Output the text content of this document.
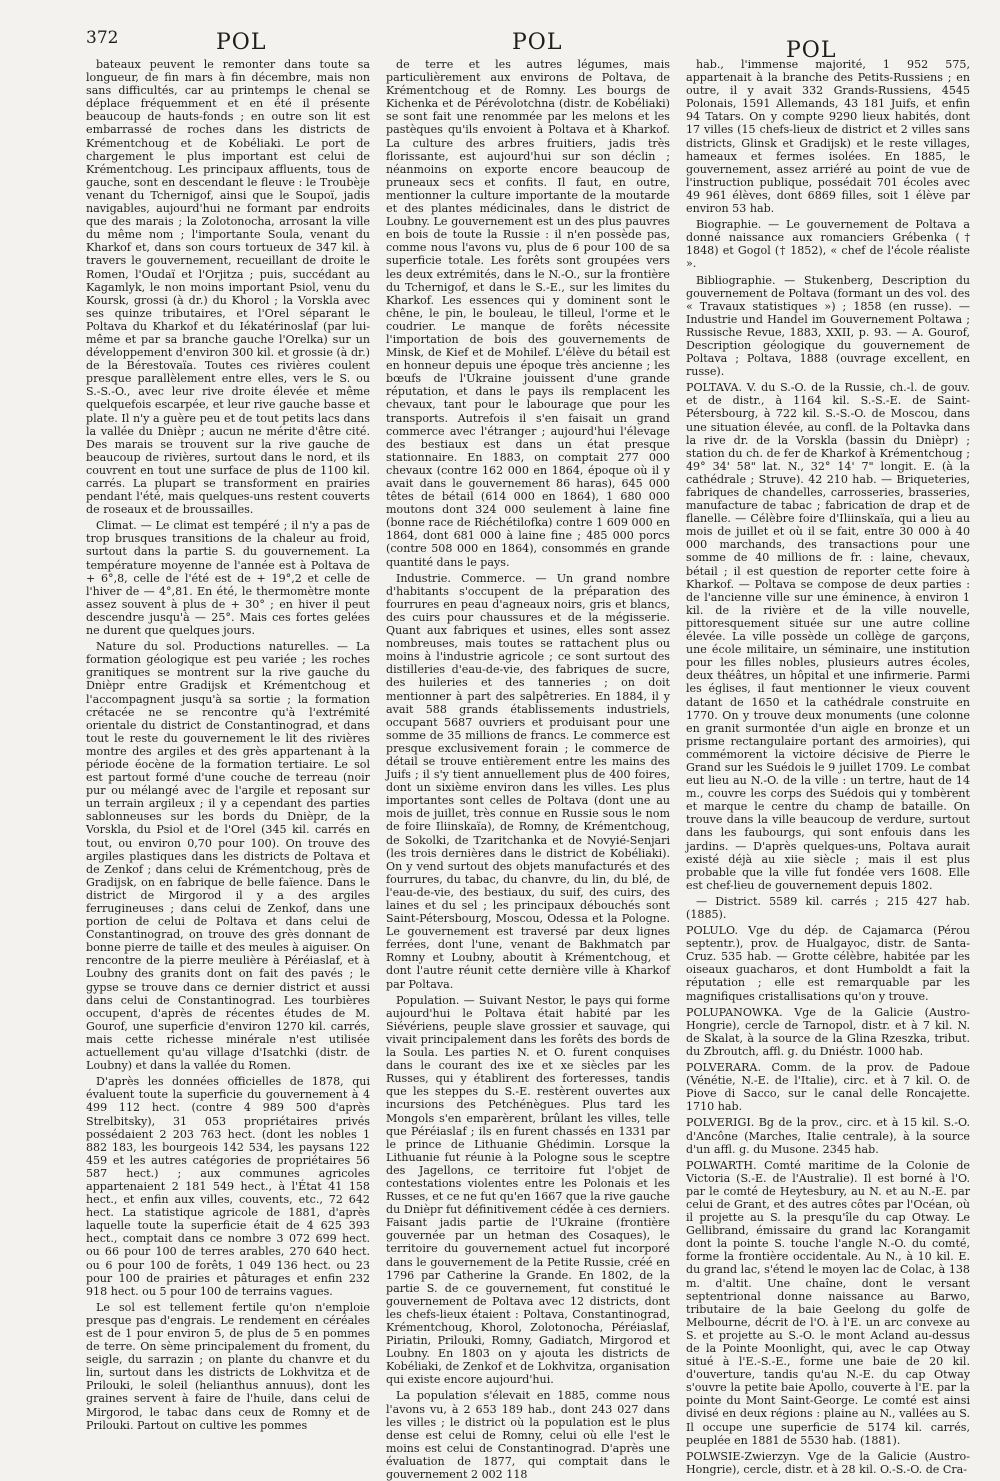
372	POL	POL	POL

bateaux peuvent le remonter dans toute sa longueur, de fin mars à fin décembre, mais non sans difficultés, car au printemps le chenal se déplace fréquemment et en été il présente beaucoup de hauts-fonds ; en outre son lit est embarrassé de roches dans les districts de Krémentchoug et de Kobéliaki. Le port de chargement le plus important est celui de Krémentchoug. Les principaux affluents, tous de gauche, sont en descendant le fleuve : le Troubèje venant du Tchernigof, ainsi que le Soupoï, jadis navigables, aujourd'hui ne formant par endroits que des marais ; la Zolotonocha, arrosant la ville du même nom ; l'importante Soula, venant du Kharkof et, dans son cours tortueux de 347 kil. à travers le gouvernement, recueillant de droite le Romen, l'Oudaï et l'Orjitza ; puis, succédant au Kagamlyk, le non moins important Psiol, venu du Koursk, grossi (à dr.) du Khorol ; la Vorskla avec ses quinze tributaires, et l'Orel séparant le Poltava du Kharkof et du Iékatérinoslaf (par lui-même et par sa branche gauche l'Orelka) sur un développement d'environ 300 kil. et grossie (à dr.) de la Bérestovaïa. Toutes ces rivières coulent presque parallèlement entre elles, vers le S. ou S.-S.-O., avec leur rive droite élevée et même quelquefois escarpée, et leur rive gauche basse et plate. Il n'y a guère peu et de tout petits lacs dans la vallée du Dnièpr ; aucun ne mérite d'être cité. Des marais se trouvent sur la rive gauche de beaucoup de rivières, surtout dans le nord, et ils couvrent en tout une surface de plus de 1100 kil. carrés. La plupart se transforment en prairies pendant l'été, mais quelques-uns restent couverts de roseaux et de broussailles.

Climat. — Le climat est tempéré ; il n'y a pas de trop brusques transitions de la chaleur au froid, surtout dans la partie S. du gouvernement. La température moyenne de l'année est à Poltava de + 6°,8, celle de l'été est de + 19°,2 et celle de l'hiver de — 4°,81. En été, le thermomètre monte assez souvent à plus de + 30° ; en hiver il peut descendre jusqu'à — 25°. Mais ces fortes gelées ne durent que quelques jours.

Nature du sol. Productions naturelles. — La formation géologique est peu variée ; les roches granitiques se montrent sur la rive gauche du Dnièpr entre Gradijsk et Krémentchoug et l'accompagnent jusqu'à sa sortie ; la formation crétacée ne se rencontre qu'à l'extrémité orientale du district de Constantinograd, et dans tout le reste du gouvernement le lit des rivières montre des argiles et des grès appartenant à la période éocène de la formation tertiaire. Le sol est partout formé d'une couche de terreau (noir pur ou mélangé avec de l'argile et reposant sur un terrain argileux ; il y a cependant des parties sablonneuses sur les bords du Dnièpr, de la Vorskla, du Psiol et de l'Orel (345 kil. carrés en tout, ou environ 0,70 pour 100). On trouve des argiles plastiques dans les districts de Poltava et de Zenkof ; dans celui de Krémentchoug, près de Gradijsk, on en fabrique de belle faïence. Dans le district de Mirgorod il y a des argiles ferrugineuses ; dans celui de Zenkof, dans une portion de celui de Poltava et dans celui de Constantinograd, on trouve des grès donnant de bonne pierre de taille et des meules à aiguiser. On rencontre de la pierre meulière à Péréiaslaf, et à Loubny des granits dont on fait des pavés ; le gypse se trouve dans ce dernier district et aussi dans celui de Constantinograd. Les tourbières occupent, d'après de récentes études de M. Gourof, une superficie d'environ 1270 kil. carrés, mais cette richesse minérale n'est utilisée actuellement qu'au village d'Isatchki (distr. de Loubny) et dans la vallée du Romen.

D'après les données officielles de 1878, qui évaluent toute la superficie du gouvernement à 4 499 112 hect. (contre 4 989 500 d'après Strelbitsky), 31 053 propriétaires privés possédaient 2 203 763 hect. (dont les nobles 1 882 183, les bourgeois 142 534, les paysans 122 459 et les autres catégories de propriétaires 56 587 hect.) ; aux communes agricoles appartenaient 2 181 549 hect., à l'État 41 158 hect., et enfin aux villes, couvents, etc., 72 642 hect. La statistique agricole de 1881, d'après laquelle toute la superficie était de 4 625 393 hect., comptait dans ce nombre 3 072 699 hect. ou 66 pour 100 de terres arables, 270 640 hect. ou 6 pour 100 de forêts, 1 049 136 hect. ou 23 pour 100 de prairies et pâturages et enfin 232 918 hect. ou 5 pour 100 de terrains vagues.

Le sol est tellement fertile qu'on n'emploie presque pas d'engrais. Le rendement en céréales est de 1 pour environ 5, de plus de 5 en pommes de terre. On sème principalement du froment, du seigle, du sarrazin ; on plante du chanvre et du lin, surtout dans les districts de Lokhvitza et de Prilouki, le soleil (helianthus annuus), dont les graines servent à faire de l'huile, dans celui de Mirgorod, le tabac dans ceux de Romny et de Prilouki. Partout on cultive les pommes

de terre et les autres légumes, mais particulièrement aux environs de Poltava, de Krémentchoug et de Romny. Les bourgs de Kichenka et de Pérévolotchna (distr. de Kobéliaki) se sont fait une renommée par les melons et les pastèques qu'ils envoient à Poltava et à Kharkof. La culture des arbres fruitiers, jadis très florissante, est aujourd'hui sur son déclin ; néanmoins on exporte encore beaucoup de pruneaux secs et confits. Il faut, en outre, mentionner la culture importante de la moutarde et des plantes médicinales, dans le district de Loubny. Le gouvernement est un des plus pauvres en bois de toute la Russie : il n'en possède pas, comme nous l'avons vu, plus de 6 pour 100 de sa superficie totale. Les forêts sont groupées vers les deux extrémités, dans le N.-O., sur la frontière du Tchernigof, et dans le S.-E., sur les limites du Kharkof. Les essences qui y dominent sont le chêne, le pin, le bouleau, le tilleul, l'orme et le coudrier. Le manque de forêts nécessite l'importation de bois des gouvernements de Minsk, de Kief et de Mohilef. L'élève du bétail est en honneur depuis une époque très ancienne ; les bœufs de l'Ukraine jouissent d'une grande réputation, et dans le pays ils remplacent les chevaux, tant pour le labourage que pour les transports. Autrefois il s'en faisait un grand commerce avec l'étranger ; aujourd'hui l'élevage des bestiaux est dans un état presque stationnaire. En 1883, on comptait 277 000 chevaux (contre 162 000 en 1864, époque où il y avait dans le gouvernement 86 haras), 645 000 têtes de bétail (614 000 en 1864), 1 680 000 moutons dont 324 000 seulement à laine fine (bonne race de Riéchétilofka) contre 1 609 000 en 1864, dont 681 000 à laine fine ; 485 000 porcs (contre 508 000 en 1864), consommés en grande quantité dans le pays.

Industrie. Commerce. — Un grand nombre d'habitants s'occupent de la préparation des fourrures en peau d'agneaux noirs, gris et blancs, des cuirs pour chaussures et de la mégisserie. Quant aux fabriques et usines, elles sont assez nombreuses, mais toutes se rattachent plus ou moins à l'industrie agricole ; ce sont surtout des distilleries d'eau-de-vie, des fabriques de sucre, des huileries et des tanneries ; on doit mentionner à part des salpêtreries. En 1884, il y avait 588 grands établissements industriels, occupant 5687 ouvriers et produisant pour une somme de 35 millions de francs. Le commerce est presque exclusivement forain ; le commerce de détail se trouve entièrement entre les mains des Juifs ; il s'y tient annuellement plus de 400 foires, dont un sixième environ dans les villes. Les plus importantes sont celles de Poltava (dont une au mois de juillet, très connue en Russie sous le nom de foire Iliinskaïa), de Romny, de Krémentchoug, de Sokolki, de Tzaritchanka et de Novyié-Senjari (les trois dernières dans le district de Kobéliaki). On y vend surtout des objets manufacturés et des fourrures, du tabac, du chanvre, du lin, du blé, de l'eau-de-vie, des bestiaux, du suif, des cuirs, des laines et du sel ; les principaux débouchés sont Saint-Pétersbourg, Moscou, Odessa et la Pologne. Le gouvernement est traversé par deux lignes ferrées, dont l'une, venant de Bakhmatch par Romny et Loubny, aboutit à Krémentchoug, et dont l'autre réunit cette dernière ville à Kharkof par Poltava.

Population. — Suivant Nestor, le pays qui forme aujourd'hui le Poltava était habité par les Siévériens, peuple slave grossier et sauvage, qui vivait principalement dans les forêts des bords de la Soula. Les parties N. et O. furent conquises dans le courant des ixe et xe siècles par les Russes, qui y établirent des forteresses, tandis que les steppes du S.-E. restèrent ouvertes aux incursions des Petchénègues. Plus tard les Mongols s'en emparèrent, brûlant les villes, telle que Péréiaslaf ; ils en furent chassés en 1331 par le prince de Lithuanie Ghédimin. Lorsque la Lithuanie fut réunie à la Pologne sous le sceptre des Jagellons, ce territoire fut l'objet de contestations violentes entre les Polonais et les Russes, et ce ne fut qu'en 1667 que la rive gauche du Dnièpr fut définitivement cédée à ces derniers. Faisant jadis partie de l'Ukraine (frontière gouvernée par un hetman des Cosaques), le territoire du gouvernement actuel fut incorporé dans le gouvernement de la Petite Russie, créé en 1796 par Catherine la Grande. En 1802, de la partie S. de ce gouvernement, fut constitué le gouvernement de Poltava avec 12 districts, dont les chefs-lieux étaient : Poltava, Constantinograd, Krémentchoug, Khorol, Zolotonocha, Péréiaslaf, Piriatin, Prilouki, Romny, Gadiatch, Mirgorod et Loubny. En 1803 on y ajouta les districts de Kobéliaki, de Zenkof et de Lokhvitza, organisation qui existe encore aujourd'hui.

La population s'élevait en 1885, comme nous l'avons vu, à 2 653 189 hab., dont 243 027 dans les villes ; le district où la population est le plus dense est celui de Romny, celui où elle l'est le moins est celui de Constantinograd. D'après une évaluation de 1877, qui comptait dans le gouvernement 2 002 118

hab., l'immense majorité, 1 952 575, appartenait à la branche des Petits-Russiens ; en outre, il y avait 332 Grands-Russiens, 4545 Polonais, 1591 Allemands, 43 181 Juifs, et enfin 94 Tatars. On y compte 9290 lieux habités, dont 17 villes (15 chefs-lieux de district et 2 villes sans districts, Glinsk et Gradijsk) et le reste villages, hameaux et fermes isolées. En 1885, le gouvernement, assez arriéré au point de vue de l'instruction publique, possédait 701 écoles avec 49 961 élèves, dont 6869 filles, soit 1 élève par environ 53 hab.

Biographie. — Le gouvernement de Poltava a donné naissance aux romanciers Grébenka († 1848) et Gogol († 1852), « chef de l'école réaliste ».

Bibliographie. — Stukenberg, Description du gouvernement de Poltava (formant un des vol. des « Travaux statistiques ») ; 1858 (en russe). — Industrie und Handel im Gouvernement Poltawa ; Russische Revue, 1883, XXII, p. 93. — A. Gourof, Description géologique du gouvernement de Poltava ; Poltava, 1888 (ouvrage excellent, en russe).

POLTAVA. V. du S.-O. de la Russie, ch.-l. de gouv. et de distr., à 1164 kil. S.-S.-E. de Saint-Pétersbourg, à 722 kil. S.-S.-O. de Moscou, dans une situation élevée, au confl. de la Poltavka dans la rive dr. de la Vorskla (bassin du Dnièpr) ; station du ch. de fer de Kharkof à Krémentchoug ; 49° 34' 58" lat. N., 32° 14' 7" longit. E. (à la cathédrale ; Struve). 42 210 hab. — Briqueteries, fabriques de chandelles, carrosseries, brasseries, manufacture de tabac ; fabrication de drap et de flanelle. — Célèbre foire d'Iliinskaïa, qui a lieu au mois de juillet et où il se fait, entre 30 000 à 40 000 marchands, des transactions pour une somme de 40 millions de fr. : laine, chevaux, bétail ; il est question de reporter cette foire à Kharkof. — Poltava se compose de deux parties : de l'ancienne ville sur une éminence, à environ 1 kil. de la rivière et de la ville nouvelle, pittoresquement située sur une autre colline élevée. La ville possède un collège de garçons, une école militaire, un séminaire, une institution pour les filles nobles, plusieurs autres écoles, deux théâtres, un hôpital et une infirmerie. Parmi les églises, il faut mentionner le vieux couvent datant de 1650 et la cathédrale construite en 1770. On y trouve deux monuments (une colonne en granit surmontée d'un aigle en bronze et un prisme rectangulaire portant des armoiries), qui commémorent la victoire décisive de Pierre le Grand sur les Suédois le 9 juillet 1709. Le combat eut lieu au N.-O. de la ville : un tertre, haut de 14 m., couvre les corps des Suédois qui y tombèrent et marque le centre du champ de bataille. On trouve dans la ville beaucoup de verdure, surtout dans les faubourgs, qui sont enfouis dans les jardins. — D'après quelques-uns, Poltava aurait existé déjà au xiie siècle ; mais il est plus probable que la ville fut fondée vers 1608. Elle est chef-lieu de gouvernement depuis 1802.

— District. 5589 kil. carrés ; 215 427 hab. (1885).

POLULO. Vge du dép. de Cajamarca (Pérou septentr.), prov. de Hualgayoc, distr. de Santa-Cruz. 535 hab. — Grotte célèbre, habitée par les oiseaux guacharos, et dont Humboldt a fait la réputation ; elle est remarquable par les magnifiques cristallisations qu'on y trouve.

POLUPANOWKA. Vge de la Galicie (Austro-Hongrie), cercle de Tarnopol, distr. et à 7 kil. N. de Skalat, à la source de la Glina Rzeszka, tribut. du Zbroutch, affl. g. du Dniéstr. 1000 hab.

POLVERARA. Comm. de la prov. de Padoue (Vénétie, N.-E. de l'Italie), circ. et à 7 kil. O. de Piove di Sacco, sur le canal delle Roncajette. 1710 hab.

POLVERIGI. Bg de la prov., circ. et à 15 kil. S.-O. d'Ancône (Marches, Italie centrale), à la source d'un affl. g. du Musone. 2345 hab.

POLWARTH. Comté maritime de la Colonie de Victoria (S.-E. de l'Australie). Il est borné à l'O. par le comté de Heytesbury, au N. et au N.-E. par celui de Grant, et des autres côtes par l'Océan, où il projette au S. la presqu'île du cap Otway. Le Gellibrand, émissaire du grand lac Korangamit dont la pointe S. touche l'angle N.-O. du comté, forme la frontière occidentale. Au N., à 10 kil. E. du grand lac, s'étend le moyen lac de Colac, à 138 m. d'altit. Une chaîne, dont le versant septentrional donne naissance au Barwo, tributaire de la baie Geelong du golfe de Melbourne, décrit de l'O. à l'E. un arc convexe au S. et projette au S.-O. le mont Acland au-dessus de la Pointe Moonlight, qui, avec le cap Otway situé à l'E.-S.-E., forme une baie de 20 kil. d'ouverture, tandis qu'au N.-E. du cap Otway s'ouvre la petite baie Apollo, couverte à l'E. par la pointe du Mont Saint-George. Le comté est ainsi divisé en deux régions : plaine au N., vallées au S. Il occupe une superficie de 5174 kil. carrés, peuplée en 1881 de 5530 hab. (1881).

POLWSIE-Zwierzyn. Vge de la Galicie (Austro-Hongrie), cercle, distr. et à 28 kil. O.-S.-O. de Cra-
